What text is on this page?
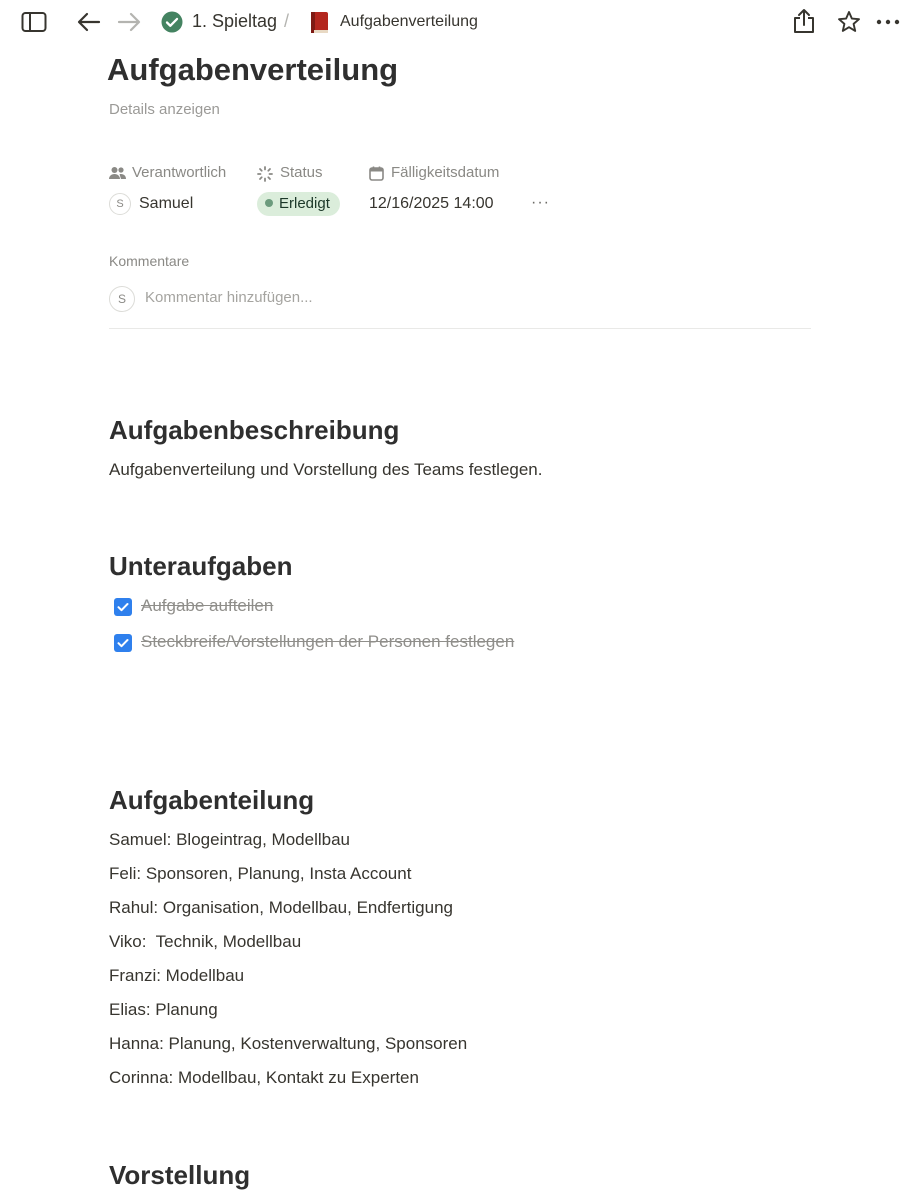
1. Spieltag /	Aufgabenverteilung
Aufgabenverteilung
Details anzeigen
Verantwortlich	Status	Fälligkeitsdatum
S Samuel	Erledigt	12/16/2025 14:00 ···
Kommentare
S	Kommentar hinzufügen...
Aufgabenbeschreibung
Aufgabenverteilung und Vorstellung des Teams festlegen.
Unteraufgaben
Aufgabe aufteilen
Steckbreife/Vorstellungen der Personen festlegen
Aufgabenteilung
Samuel: Blogeintrag, Modellbau
Feli: Sponsoren, Planung, Insta Account
Rahul: Organisation, Modellbau, Endfertigung
Viko:  Technik, Modellbau
Franzi: Modellbau
Elias: Planung
Hanna: Planung, Kostenverwaltung, Sponsoren
Corinna: Modellbau, Kontakt zu Experten
Vorstellung
